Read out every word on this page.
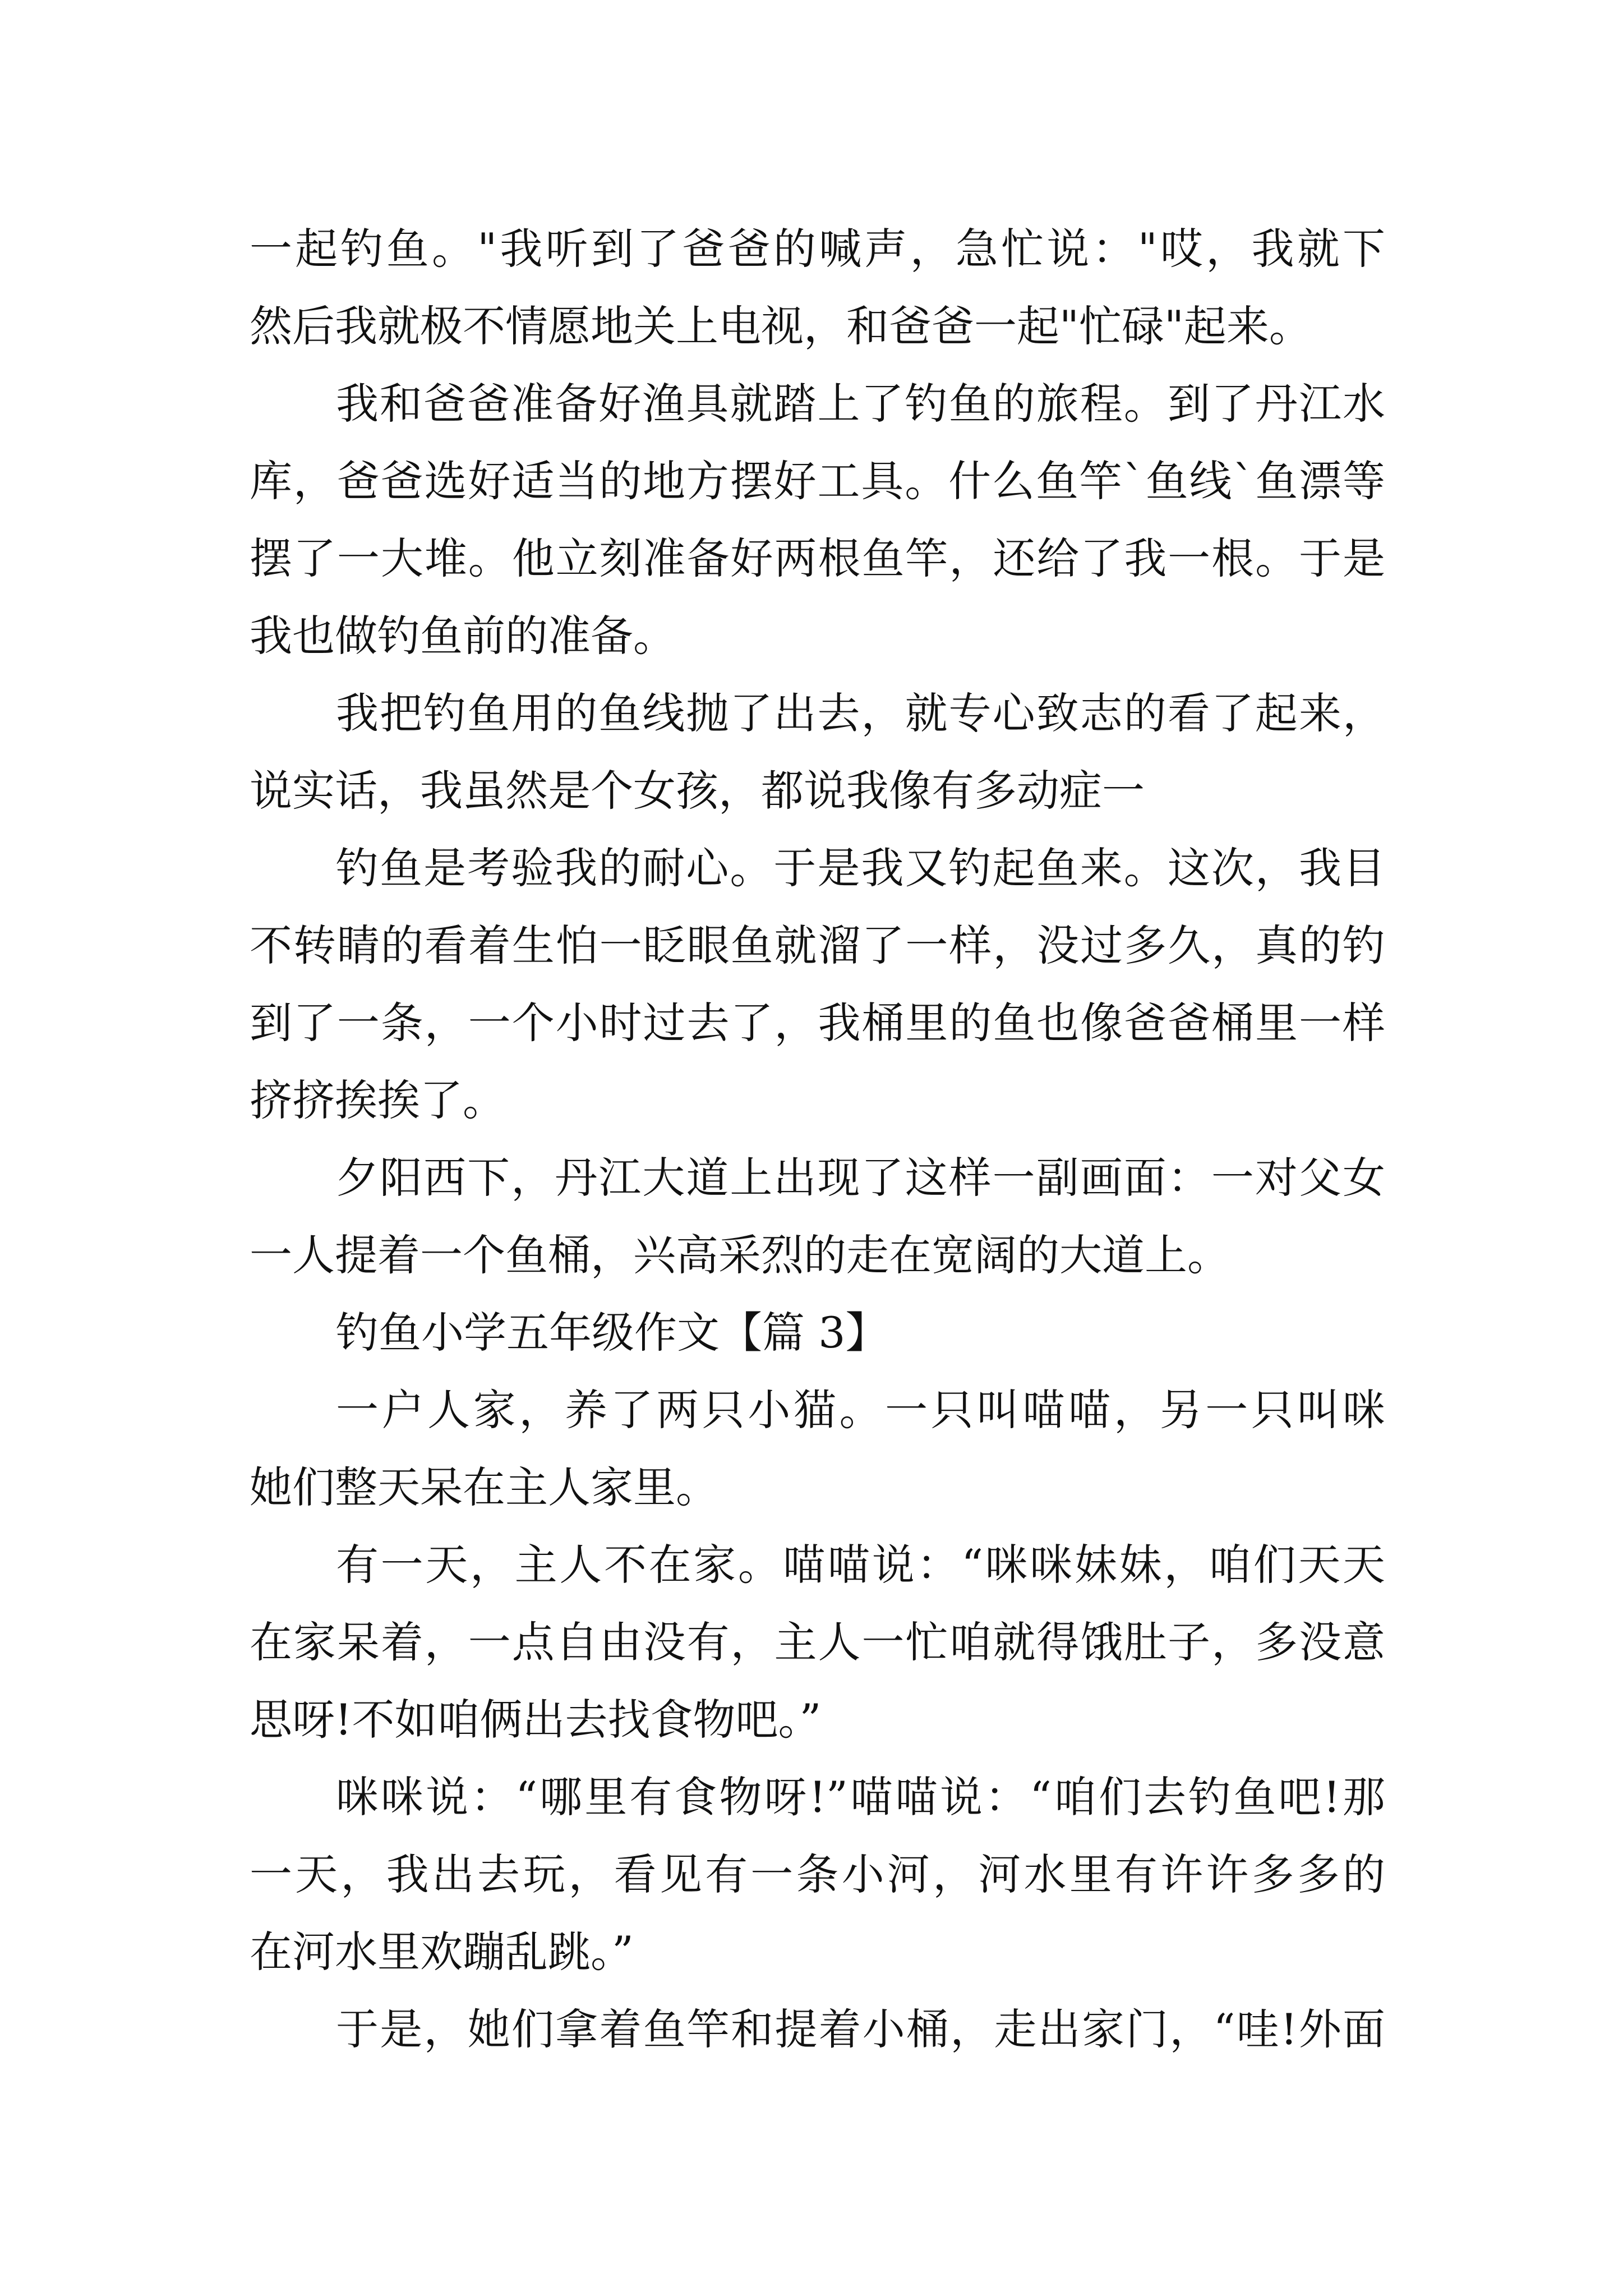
一起钓鱼。"我听到了爸爸的喊声，急忙说："哎，我就下
然后我就极不情愿地关上电视，和爸爸一起"忙碌"起来。
我和爸爸准备好渔具就踏上了钓鱼的旅程。到了丹江水
库，爸爸选好适当的地方摆好工具。什么鱼竿`鱼线`鱼漂等
摆了一大堆。他立刻准备好两根鱼竿，还给了我一根。于是
我也做钓鱼前的准备。
我把钓鱼用的鱼线抛了出去，就专心致志的看了起来，
说实话，我虽然是个女孩，都说我像有多动症一
钓鱼是考验我的耐心。于是我又钓起鱼来。这次，我目
不转睛的看着生怕一眨眼鱼就溜了一样，没过多久，真的钓
到了一条，一个小时过去了，我桶里的鱼也像爸爸桶里一样
挤挤挨挨了。
夕阳西下，丹江大道上出现了这样一副画面：一对父女
一人提着一个鱼桶，兴高采烈的走在宽阔的大道上。
钓鱼小学五年级作文【篇 3】
一户人家，养了两只小猫。一只叫喵喵，另一只叫咪
她们整天呆在主人家里。
有一天，主人不在家。喵喵说：“咪咪妹妹，咱们天天
在家呆着，一点自由没有，主人一忙咱就得饿肚子，多没意
思呀!不如咱俩出去找食物吧。”
咪咪说：“哪里有食物呀!”喵喵说：“咱们去钓鱼吧!那
一天，我出去玩，看见有一条小河，河水里有许许多多的
在河水里欢蹦乱跳。”
于是，她们拿着鱼竿和提着小桶，走出家门，“哇!外面
